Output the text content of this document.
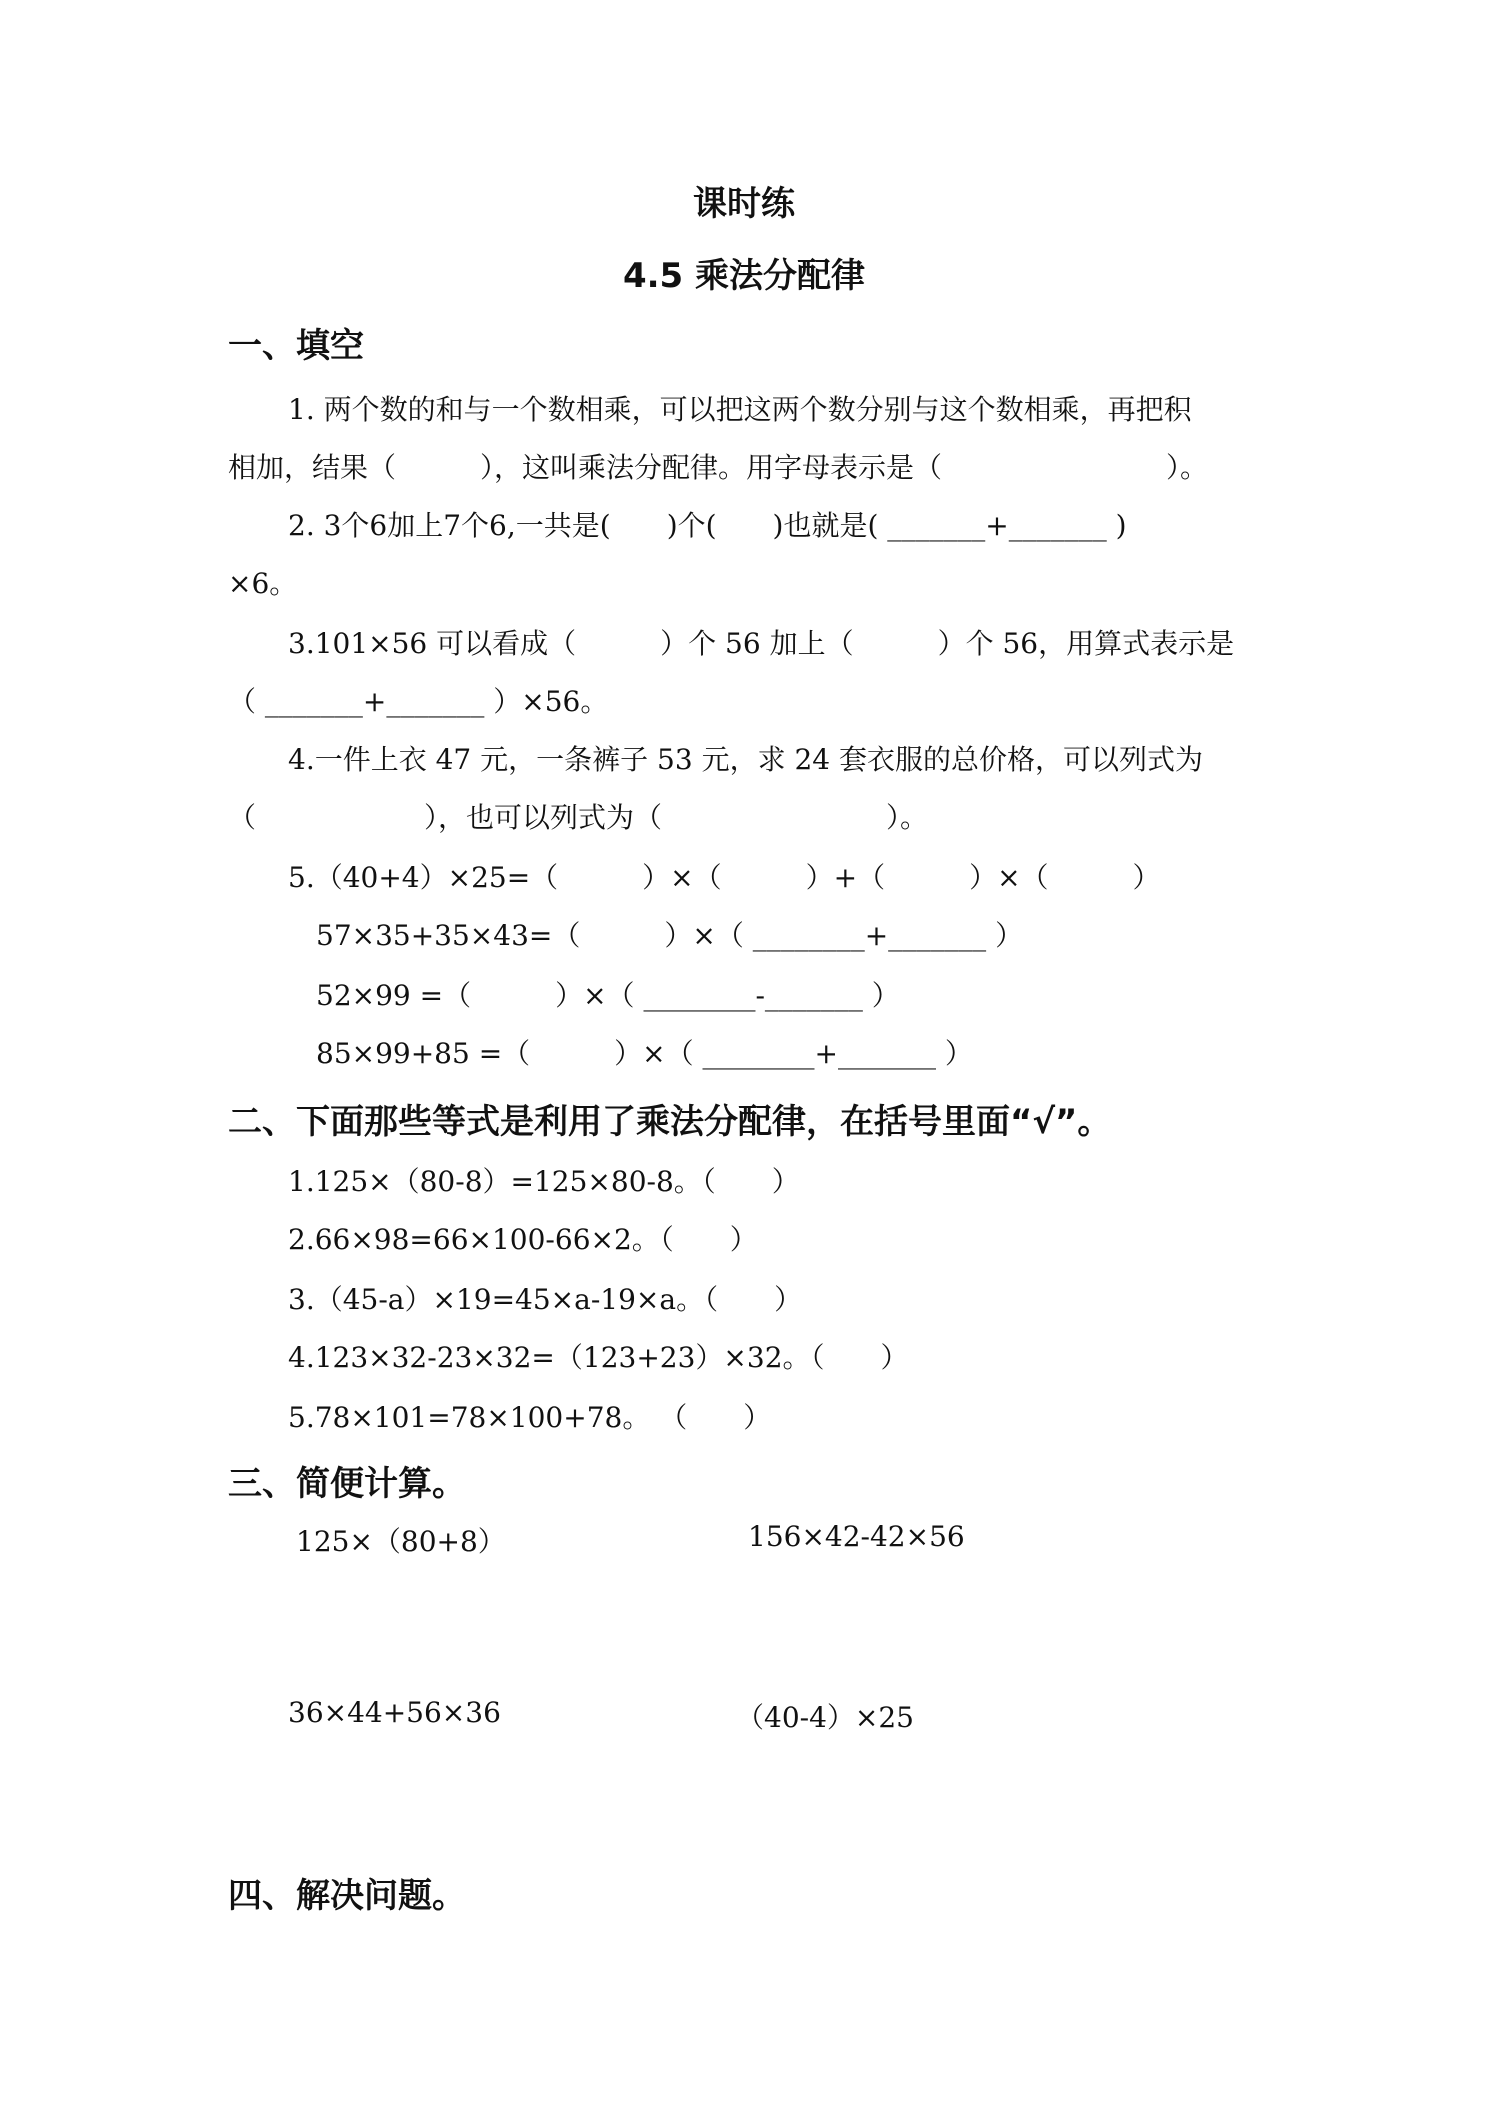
课时练
4.5 乘法分配律
一、填空
1. 两个数的和与一个数相乘，可以把这两个数分别与这个数相乘，再把积
相加，结果（　　　），这叫乘法分配律。用字母表示是（　　　　　　　　）。
2. 3个6加上7个6,一共是(　　)个(　　)也就是( _______+_______ )
×6。
3.101×56 可以看成（　　　）个 56 加上（　　　）个 56，用算式表示是
（ _______+_______ ）×56。
4.一件上衣 47 元，一条裤子 53 元，求 24 套衣服的总价格，可以列式为
（　　　　　　），也可以列式为（　　　　　　　　）。
5.（40+4）×25=（　　　）×（　　　）+（　　　）×（　　　）
57×35+35×43=（　　　）×（ ________+_______ ）
52×99 =（　　　）×（ ________-_______ ）
85×99+85 =（　　　）×（ ________+_______ ）
二、下面那些等式是利用了乘法分配律，在括号里面“√”。
1.125×（80-8）=125×80-8。（　　）
2.66×98=66×100-66×2。（　　）
3.（45-a）×19=45×a-19×a。（　　）
4.123×32-23×32=（123+23）×32。（　　）
5.78×101=78×100+78。 （　　）
三、简便计算。
125×（80+8）	156×42-42×56
36×44+56×36	（40-4）×25
四、解决问题。
